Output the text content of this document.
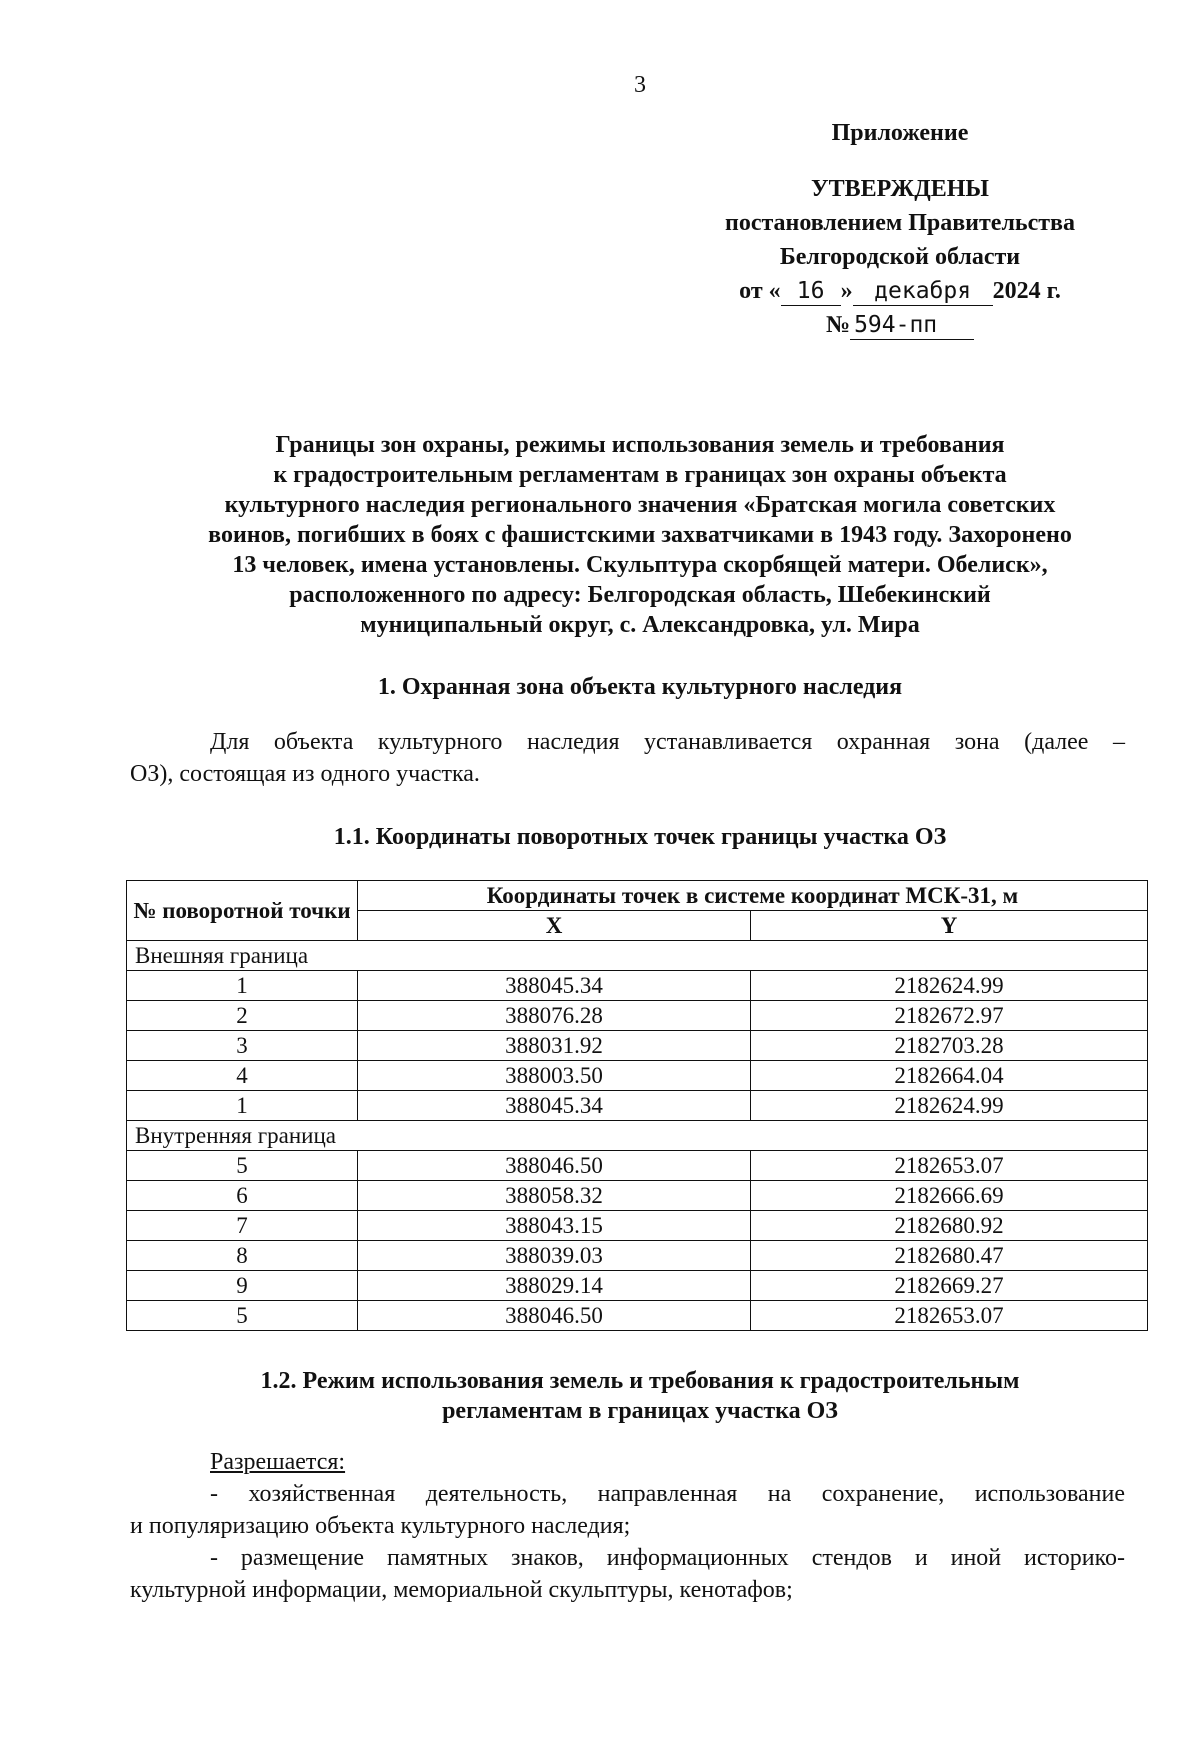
3
Приложение
УТВЕРЖДЕНЫ
постановлением Правительства
Белгородской области
от « 16 » декабря 2024 г.
№ 594-пп
Границы зон охраны, режимы использования земель и требования
к градостроительным регламентам в границах зон охраны объекта
культурного наследия регионального значения «Братская могила советских
воинов, погибших в боях с фашистскими захватчиками в 1943 году. Захоронено
13 человек, имена установлены. Скульптура скорбящей матери. Обелиск»,
расположенного по адресу: Белгородская область, Шебекинский
муниципальный округ, с. Александровка, ул. Мира
1. Охранная зона объекта культурного наследия
Для объекта культурного наследия устанавливается охранная зона (далее –
ОЗ), состоящая из одного участка.
1.1. Координаты поворотных точек границы участка ОЗ
№ поворотной точки	Координаты точек в системе координат МСК-31, м	
	X	Y
Внешняя граница		
1	388045.34	2182624.99
2	388076.28	2182672.97
3	388031.92	2182703.28
4	388003.50	2182664.04
1	388045.34	2182624.99
Внутренняя граница		
5	388046.50	2182653.07
6	388058.32	2182666.69
7	388043.15	2182680.92
8	388039.03	2182680.47
9	388029.14	2182669.27
5	388046.50	2182653.07
1.2. Режим использования земель и требования к градостроительным
регламентам в границах участка ОЗ
Разрешается:
- хозяйственная деятельность, направленная на сохранение, использование
и популяризацию объекта культурного наследия;
- размещение памятных знаков, информационных стендов и иной историко-
культурной информации, мемориальной скульптуры, кенотафов;
